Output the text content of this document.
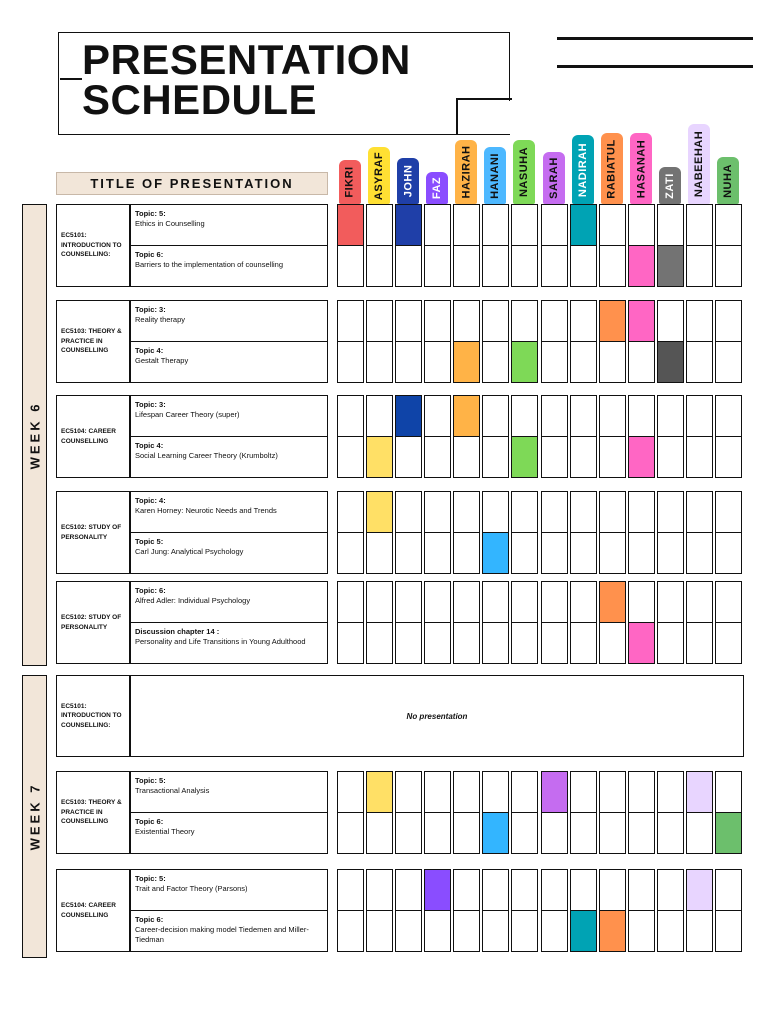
PRESENTATION
SCHEDULE
TITLE OF PRESENTATION	FIKRI ASYRAF JOHN FAZ HAZIRAH HANANI NASUHA SARAH NADIRAH RABIATUL HASANAH ZATI NABEEHAH NUHA
WEEK 6
WEEK 7
EC5101: INTRODUCTION TO COUNSELLING:
Topic: 5:
Ethics in Counselling
Topic 6:
Barriers to the implementation of counselling
EC5103: THEORY & PRACTICE IN COUNSELLING
Topic: 3:
Reality therapy
Topic 4:
Gestalt Therapy
EC5104: CAREER COUNSELLING
Topic: 3:
Lifespan Career Theory (super)
Topic 4:
Social Learning Career Theory (Krumboltz)
EC5102: STUDY OF PERSONALITY
Topic: 4:
Karen Horney: Neurotic Needs and Trends
Topic 5:
Carl Jung: Analytical Psychology
EC5102: STUDY OF PERSONALITY
Topic: 6:
Alfred Adler: Individual Psychology
Discussion chapter 14 :
Personality and Life Transitions in Young Adulthood
EC5101: INTRODUCTION TO COUNSELLING:
No presentation
EC5103: THEORY & PRACTICE IN COUNSELLING
Topic: 5:
Transactional Analysis
Topic 6:
Existential Theory
EC5104: CAREER COUNSELLING
Topic: 5:
Trait and Factor Theory (Parsons)
Topic 6:
Career-decision making model Tiedemen and Miller-Tiedman
